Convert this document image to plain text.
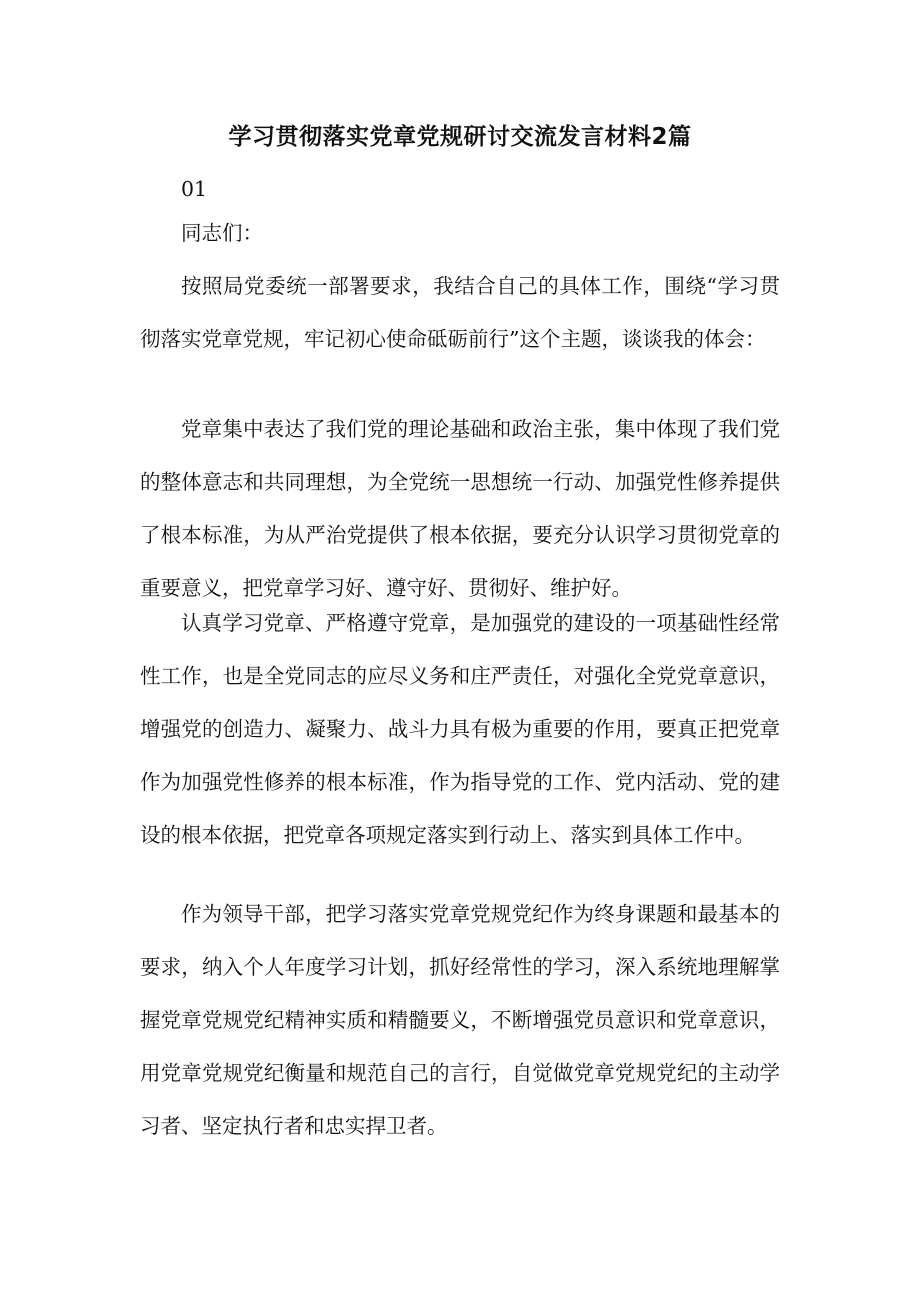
学习贯彻落实党章党规研讨交流发言材料2篇

01

同志们：

按照局党委统一部署要求，我结合自己的具体工作，围绕“学习贯彻落实党章党规，牢记初心使命砥砺前行”这个主题，谈谈我的体会：

党章集中表达了我们党的理论基础和政治主张，集中体现了我们党的整体意志和共同理想，为全党统一思想统一行动、加强党性修养提供了根本标准，为从严治党提供了根本依据，要充分认识学习贯彻党章的重要意义，把党章学习好、遵守好、贯彻好、维护好。

认真学习党章、严格遵守党章，是加强党的建设的一项基础性经常性工作，也是全党同志的应尽义务和庄严责任，对强化全党党章意识，增强党的创造力、凝聚力、战斗力具有极为重要的作用，要真正把党章作为加强党性修养的根本标准，作为指导党的工作、党内活动、党的建设的根本依据，把党章各项规定落实到行动上、落实到具体工作中。

作为领导干部，把学习落实党章党规党纪作为终身课题和最基本的要求，纳入个人年度学习计划，抓好经常性的学习，深入系统地理解掌握党章党规党纪精神实质和精髓要义，不断增强党员意识和党章意识，用党章党规党纪衡量和规范自己的言行，自觉做党章党规党纪的主动学习者、坚定执行者和忠实捍卫者。
